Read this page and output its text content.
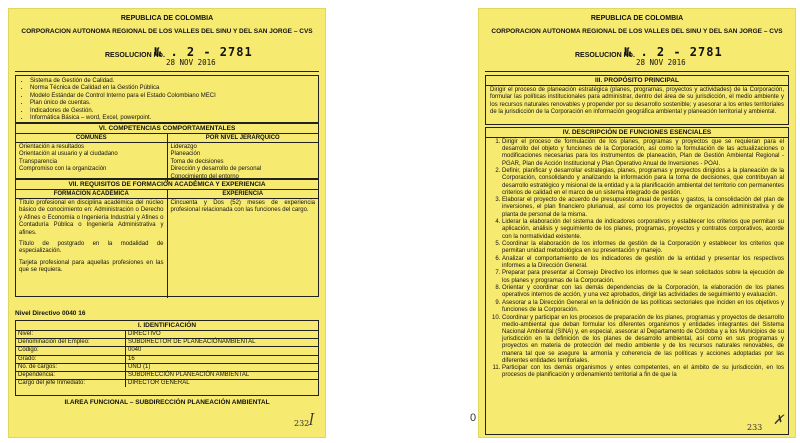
REPUBLICA DE COLOMBIA
CORPORACION AUTONOMA REGIONAL DE LOS VALLES DEL SINU Y DEL SAN JORGE – CVS
RESOLUCION No.
№ . 2 - 2781
28 NOV 2016
• Sistema de Gestión de Calidad.
• Norma Técnica de Calidad en la Gestión Pública
• Modelo Estándar de Control Interno para el Estado Colombiano MECI
• Plan único de cuentas.
• Indicadores de Gestión.
• Informática Básica – word, Excel, powerpoint.
VI. COMPETENCIAS COMPORTAMENTALES
COMUNES
Orientación a resultados
Orientación al usuario y al ciudadano
Transparencia
Compromiso con la organización
POR NIVEL JERÁRQUICO
Liderazgo
Planeación
Toma de decisiones
Dirección y desarrollo de personal
Conocimiento del entorno
VII. REQUISITOS DE FORMACIÓN ACADÉMICA Y EXPERIENCIA
FORMACIÓN ACADÉMICA

Título profesional en disciplina académica del núcleo básico de conocimiento en: Administración o Derecho y Afines o Economía o Ingeniería Industrial y Afines o Contaduría Pública o Ingeniería Administrativa y afines.

Título de postgrado en la modalidad de especialización.

Tarjeta profesional para aquellas profesiones en las que se requiera.

EXPERIENCIA

Cincuenta y Dos (52) meses de experiencia profesional relacionada con las funciones del cargo.

Nivel Directivo 0040 16
I. IDENTIFICACIÓN
Nivel:	DIRECTIVO
Denominación del Empleo:	SUBDIRECTOR DE PLANEACIÓNAMBIENTAL
Código:	0040
Grado:	16
No. de cargos:	UNO (1)
Dependencia:	SUBDIRECCIÓN PLANEACIÓN AMBIENTAL
Cargo del jefe Inmediato:	DIRECTOR GENERAL
II.AREA FUNCIONAL – SUBDIRECCIÓN PLANEACIÓN AMBIENTAL
232 ꟾ	0
REPUBLICA DE COLOMBIA
CORPORACION AUTONOMA REGIONAL DE LOS VALLES DEL SINU Y DEL SAN JORGE – CVS
RESOLUCION No.
№ . 2 - 2781
28 NOV 2016
III. PROPÓSITO PRINCIPAL
Dirigir el proceso de planeación estratégica (planes, programas, proyectos y actividades) de la Corporación, formular las políticas institucionales para administrar, dentro del área de su jurisdicción, el medio ambiente y los recursos naturales renovables y propender por su desarrollo sostenible; y asesorar a los entes territoriales de la jurisdicción de la Corporación en información geográfica ambiental y planeación territorial y ambiental.
IV. DESCRIPCIÓN DE FUNCIONES ESENCIALES
1. Dirigir el proceso de formulación de los planes, programas y proyectos que se requieran para el desarrollo del objeto y funciones de la Corporación, así como la formulación de las actualizaciones o modificaciones necesarias para los instrumentos de planeación, Plan de Gestión Ambiental Regional -PGAR, Plan de Acción Institucional y Plan Operativo Anual de Inversiones - POAI.
2. Definir, planificar y desarrollar estrategias, planes, programas y proyectos dirigidos a la planeación de la Corporación, consolidando y analizando la información para la toma de decisiones, que contribuyan al desarrollo estratégico y misional de la entidad y a la planificación ambiental del territorio con permanentes criterios de calidad en el marco de un sistema integrado de gestión.
3. Elaborar el proyecto de acuerdo de presupuesto anual de rentas y gastos, la consolidación del plan de inversiones, el plan financiero plurianual, así como los proyectos de organización administrativa y de planta de personal de la misma.
4. Liderar la elaboración del sistema de indicadores corporativos y establecer los criterios que permitan su aplicación, análisis y seguimiento de los planes, programas, proyectos y contratos corporativos, acorde con la normatividad existente.
5. Coordinar la elaboración de los informes de gestión de la Corporación y establecer los criterios que permitan unidad metodológica en su presentación y manejo.
6. Analizar el comportamiento de los indicadores de gestión de la entidad y presentar los respectivos informes a la Dirección General.
7. Preparar para presentar al Consejo Directivo los informes que le sean solicitados sobre la ejecución de los planes y programas de la Corporación.
8. Orientar y coordinar con las demás dependencias de la Corporación, la elaboración de los planes operativos internos de acción, y una vez aprobados, dirigir las actividades de seguimiento y evaluación.
9. Asesorar a la Dirección General en la definición de las políticas sectoriales que inciden en los objetivos y funciones de la Corporación.
10. Coordinar y participar en los procesos de preparación de los planes, programas y proyectos de desarrollo medio-ambiental que deban formular los diferentes organismos y entidades integrantes del Sistema Nacional Ambiental (SINA) y, en especial, asesorar al Departamento de Córdoba y a los Municipios de su jurisdicción en la definición de los planes de desarrollo ambiental, así como en sus programas y proyectos en materia de protección del medio ambiente y de los recursos naturales renovables, de manera tal que se asegure la armonía y coherencia de las políticas y acciones adoptadas por las diferentes entidades territoriales.
11. Participar con los demás organismos y entes competentes, en el ámbito de su jurisdicción, en los procesos de planificación y ordenamiento territorial a fin de que la
233 ✗
